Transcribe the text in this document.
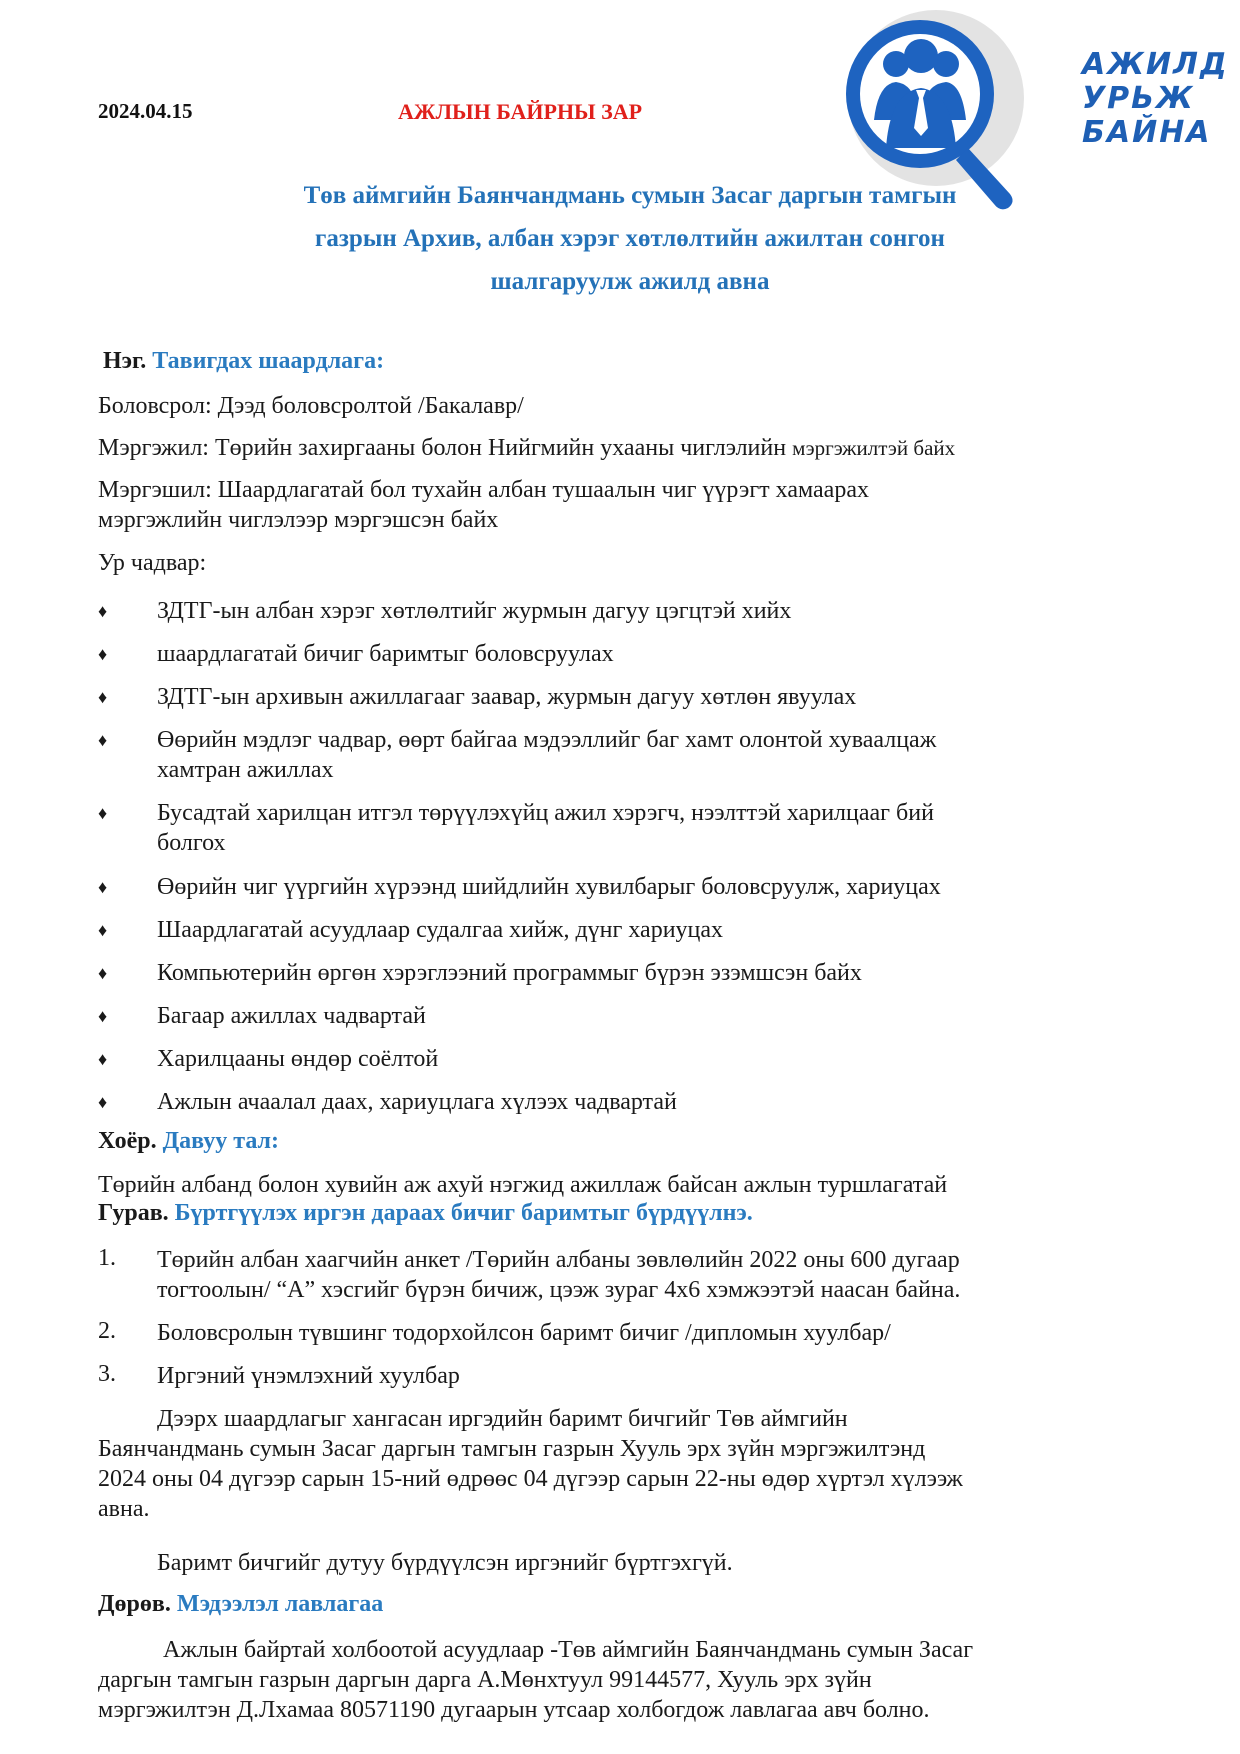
2024.04.15	АЖЛЫН БАЙРНЫ ЗАР
АЖИЛД
УРЬЖ
БАЙНА
Төв аймгийн Баянчандмань сумын Засаг даргын тамгын
газрын Архив, албан хэрэг хөтлөлтийн ажилтан сонгон
шалгаруулж ажилд авна
Нэг. Тавигдах шаардлага:
Боловсрол: Дээд боловсролтой /Бакалавр/
Мэргэжил: Төрийн захиргааны болон Нийгмийн ухааны чиглэлийн мэргэжилтэй байх
Мэргэшил: Шаардлагатай бол тухайн албан тушаалын чиг үүрэгт хамаарах
мэргэжлийн чиглэлээр мэргэшсэн байх
Ур чадвар:
♦ ЗДТГ-ын албан хэрэг хөтлөлтийг журмын дагуу цэгцтэй хийх
♦ шаардлагатай бичиг баримтыг боловсруулах
♦ ЗДТГ-ын архивын ажиллагааг заавар, журмын дагуу хөтлөн явуулах
♦ Өөрийн мэдлэг чадвар, өөрт байгаа мэдээллийг баг хамт олонтой хуваалцаж
хамтран ажиллах
♦ Бусадтай харилцан итгэл төрүүлэхүйц ажил хэрэгч, нээлттэй харилцааг бий
болгох
♦ Өөрийн чиг үүргийн хүрээнд шийдлийн хувилбарыг боловсруулж, хариуцах
♦ Шаардлагатай асуудлаар судалгаа хийж, дүнг хариуцах
♦ Компьютерийн өргөн хэрэглээний программыг бүрэн эзэмшсэн байх
♦ Багаар ажиллах чадвартай
♦ Харилцааны өндөр соёлтой
♦ Ажлын ачаалал даах, хариуцлага хүлээх чадвартай
Хоёр. Давуу тал:
Төрийн албанд болон хувийн аж ахуй нэгжид ажиллаж байсан ажлын туршлагатай
Гурав. Бүртгүүлэх иргэн дараах бичиг баримтыг бүрдүүлнэ.
1. Төрийн албан хаагчийн анкет /Төрийн албаны зөвлөлийн 2022 оны 600 дугаар
тогтоолын/ “А” хэсгийг бүрэн бичиж, цээж зураг 4х6 хэмжээтэй наасан байна.
2. Боловсролын түвшинг тодорхойлсон баримт бичиг /дипломын хуулбар/
3. Иргэний үнэмлэхний хуулбар
Дээрх шаардлагыг хангасан иргэдийн баримт бичгийг Төв аймгийн
Баянчандмань сумын Засаг даргын тамгын газрын Хууль эрх зүйн мэргэжилтэнд
2024 оны 04 дүгээр сарын 15-ний өдрөөс 04 дүгээр сарын 22-ны өдөр хүртэл хүлээж
авна.
Баримт бичгийг дутуу бүрдүүлсэн иргэнийг бүртгэхгүй.
Дөрөв. Мэдээлэл лавлагаа
Ажлын байртай холбоотой асуудлаар -Төв аймгийн Баянчандмань сумын Засаг
даргын тамгын газрын даргын дарга А.Мөнхтуул 99144577, Хууль эрх зүйн
мэргэжилтэн Д.Лхамаа 80571190 дугаарын утсаар холбогдож лавлагаа авч болно.
